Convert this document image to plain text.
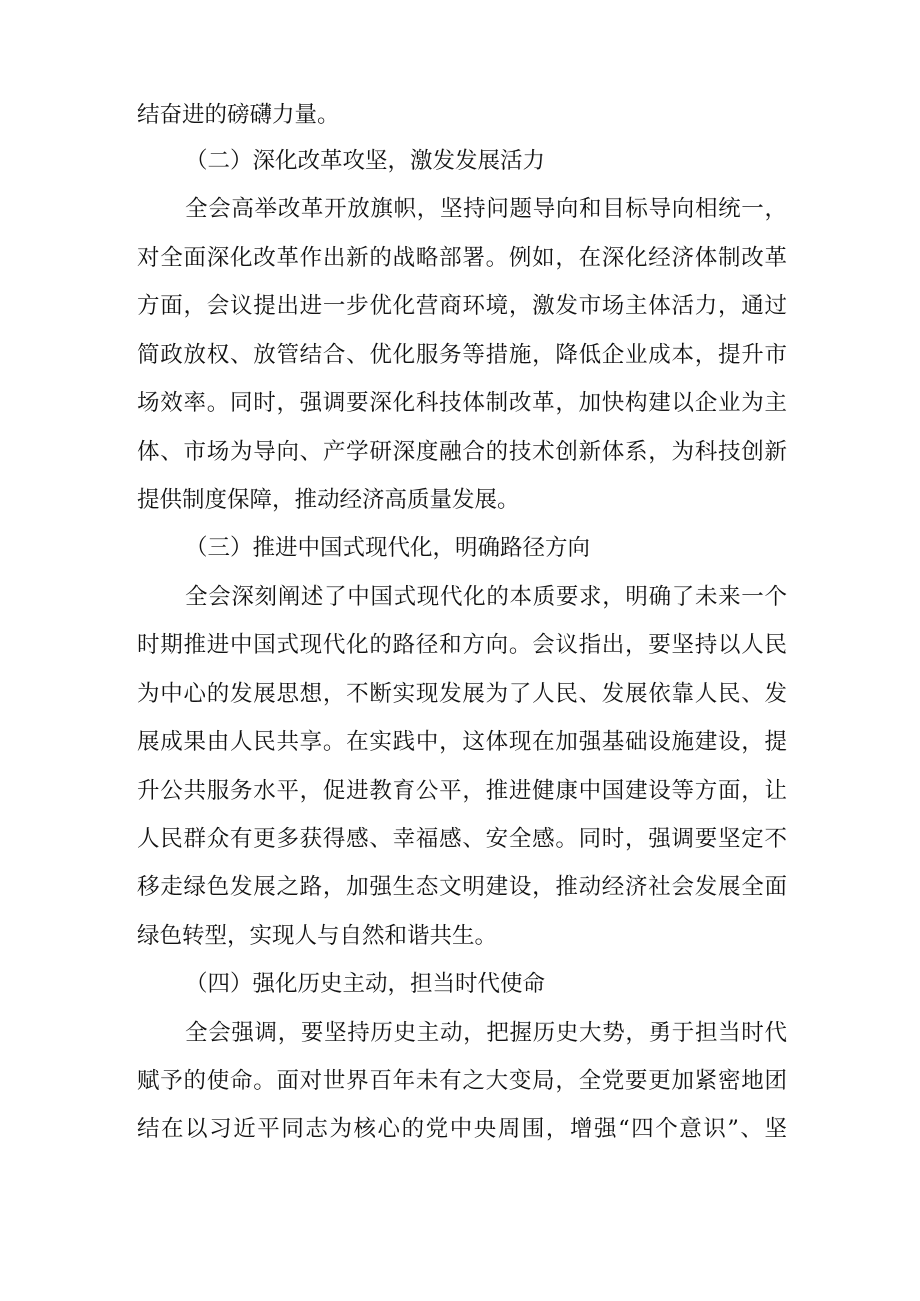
结奋进的磅礴力量。
（二）深化改革攻坚，激发发展活力
全会高举改革开放旗帜，坚持问题导向和目标导向相统一，
对全面深化改革作出新的战略部署。例如，在深化经济体制改革
方面，会议提出进一步优化营商环境，激发市场主体活力，通过
简政放权、放管结合、优化服务等措施，降低企业成本，提升市
场效率。同时，强调要深化科技体制改革，加快构建以企业为主
体、市场为导向、产学研深度融合的技术创新体系，为科技创新
提供制度保障，推动经济高质量发展。
（三）推进中国式现代化，明确路径方向
全会深刻阐述了中国式现代化的本质要求，明确了未来一个
时期推进中国式现代化的路径和方向。会议指出，要坚持以人民
为中心的发展思想，不断实现发展为了人民、发展依靠人民、发
展成果由人民共享。在实践中，这体现在加强基础设施建设，提
升公共服务水平，促进教育公平，推进健康中国建设等方面，让
人民群众有更多获得感、幸福感、安全感。同时，强调要坚定不
移走绿色发展之路，加强生态文明建设，推动经济社会发展全面
绿色转型，实现人与自然和谐共生。
（四）强化历史主动，担当时代使命
全会强调，要坚持历史主动，把握历史大势，勇于担当时代
赋予的使命。面对世界百年未有之大变局，全党要更加紧密地团
结在以习近平同志为核心的党中央周围，增强“四个意识”、坚
